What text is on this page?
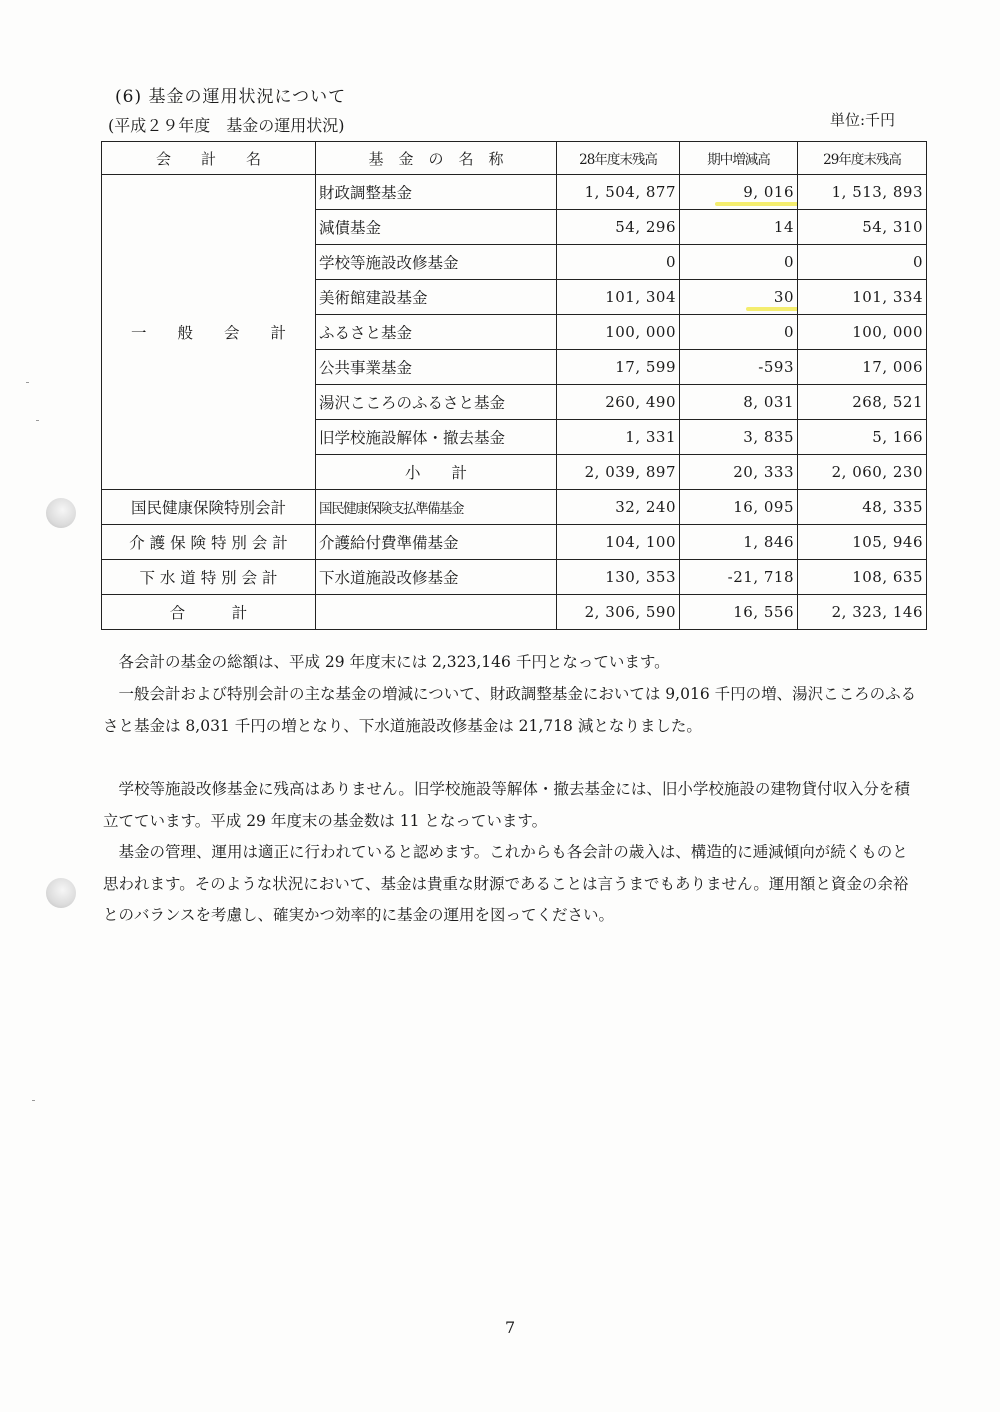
(6) 基金の運用状況について
(平成２９年度　基金の運用状況)	単位:千円
会　　計　　名	基　金　の　名　称	28年度末残高	期中増減高	29年度末残高
一　　般　　会　　計	財政調整基金	1, 504, 877	9, 016	1, 513, 893
	減債基金	54, 296	14	54, 310
	学校等施設改修基金	0	0	0
	美術館建設基金	101, 304	30	101, 334
	ふるさと基金	100, 000	0	100, 000
	公共事業基金	17, 599	-593	17, 006
	湯沢こころのふるさと基金	260, 490	8, 031	268, 521
	旧学校施設解体・撤去基金	1, 331	3, 835	5, 166
	小　　計	2, 039, 897	20, 333	2, 060, 230
国民健康保険特別会計	国民健康保険支払準備基金	32, 240	16, 095	48, 335
介 護 保 険 特 別 会 計	介護給付費準備基金	104, 100	1, 846	105, 946
下 水 道 特 別 会 計	下水道施設改修基金	130, 353	-21, 718	108, 635
合　　　計		2, 306, 590	16, 556	2, 323, 146
　各会計の基金の総額は、平成 29 年度末には 2,323,146 千円となっています。
　一般会計および特別会計の主な基金の増減について、財政調整基金においては 9,016 千円の増、湯沢こころのふるさと基金は 8,031 千円の増となり、下水道施設改修基金は 21,718 減となりました。
　学校等施設改修基金に残高はありません。旧学校施設等解体・撤去基金には、旧小学校施設の建物貸付収入分を積立てています。平成 29 年度末の基金数は 11 となっています。
　基金の管理、運用は適正に行われていると認めます。これからも各会計の歳入は、構造的に逓減傾向が続くものと思われます。そのような状況において、基金は貴重な財源であることは言うまでもありません。運用額と資金の余裕とのバランスを考慮し、確実かつ効率的に基金の運用を図ってください。
7
